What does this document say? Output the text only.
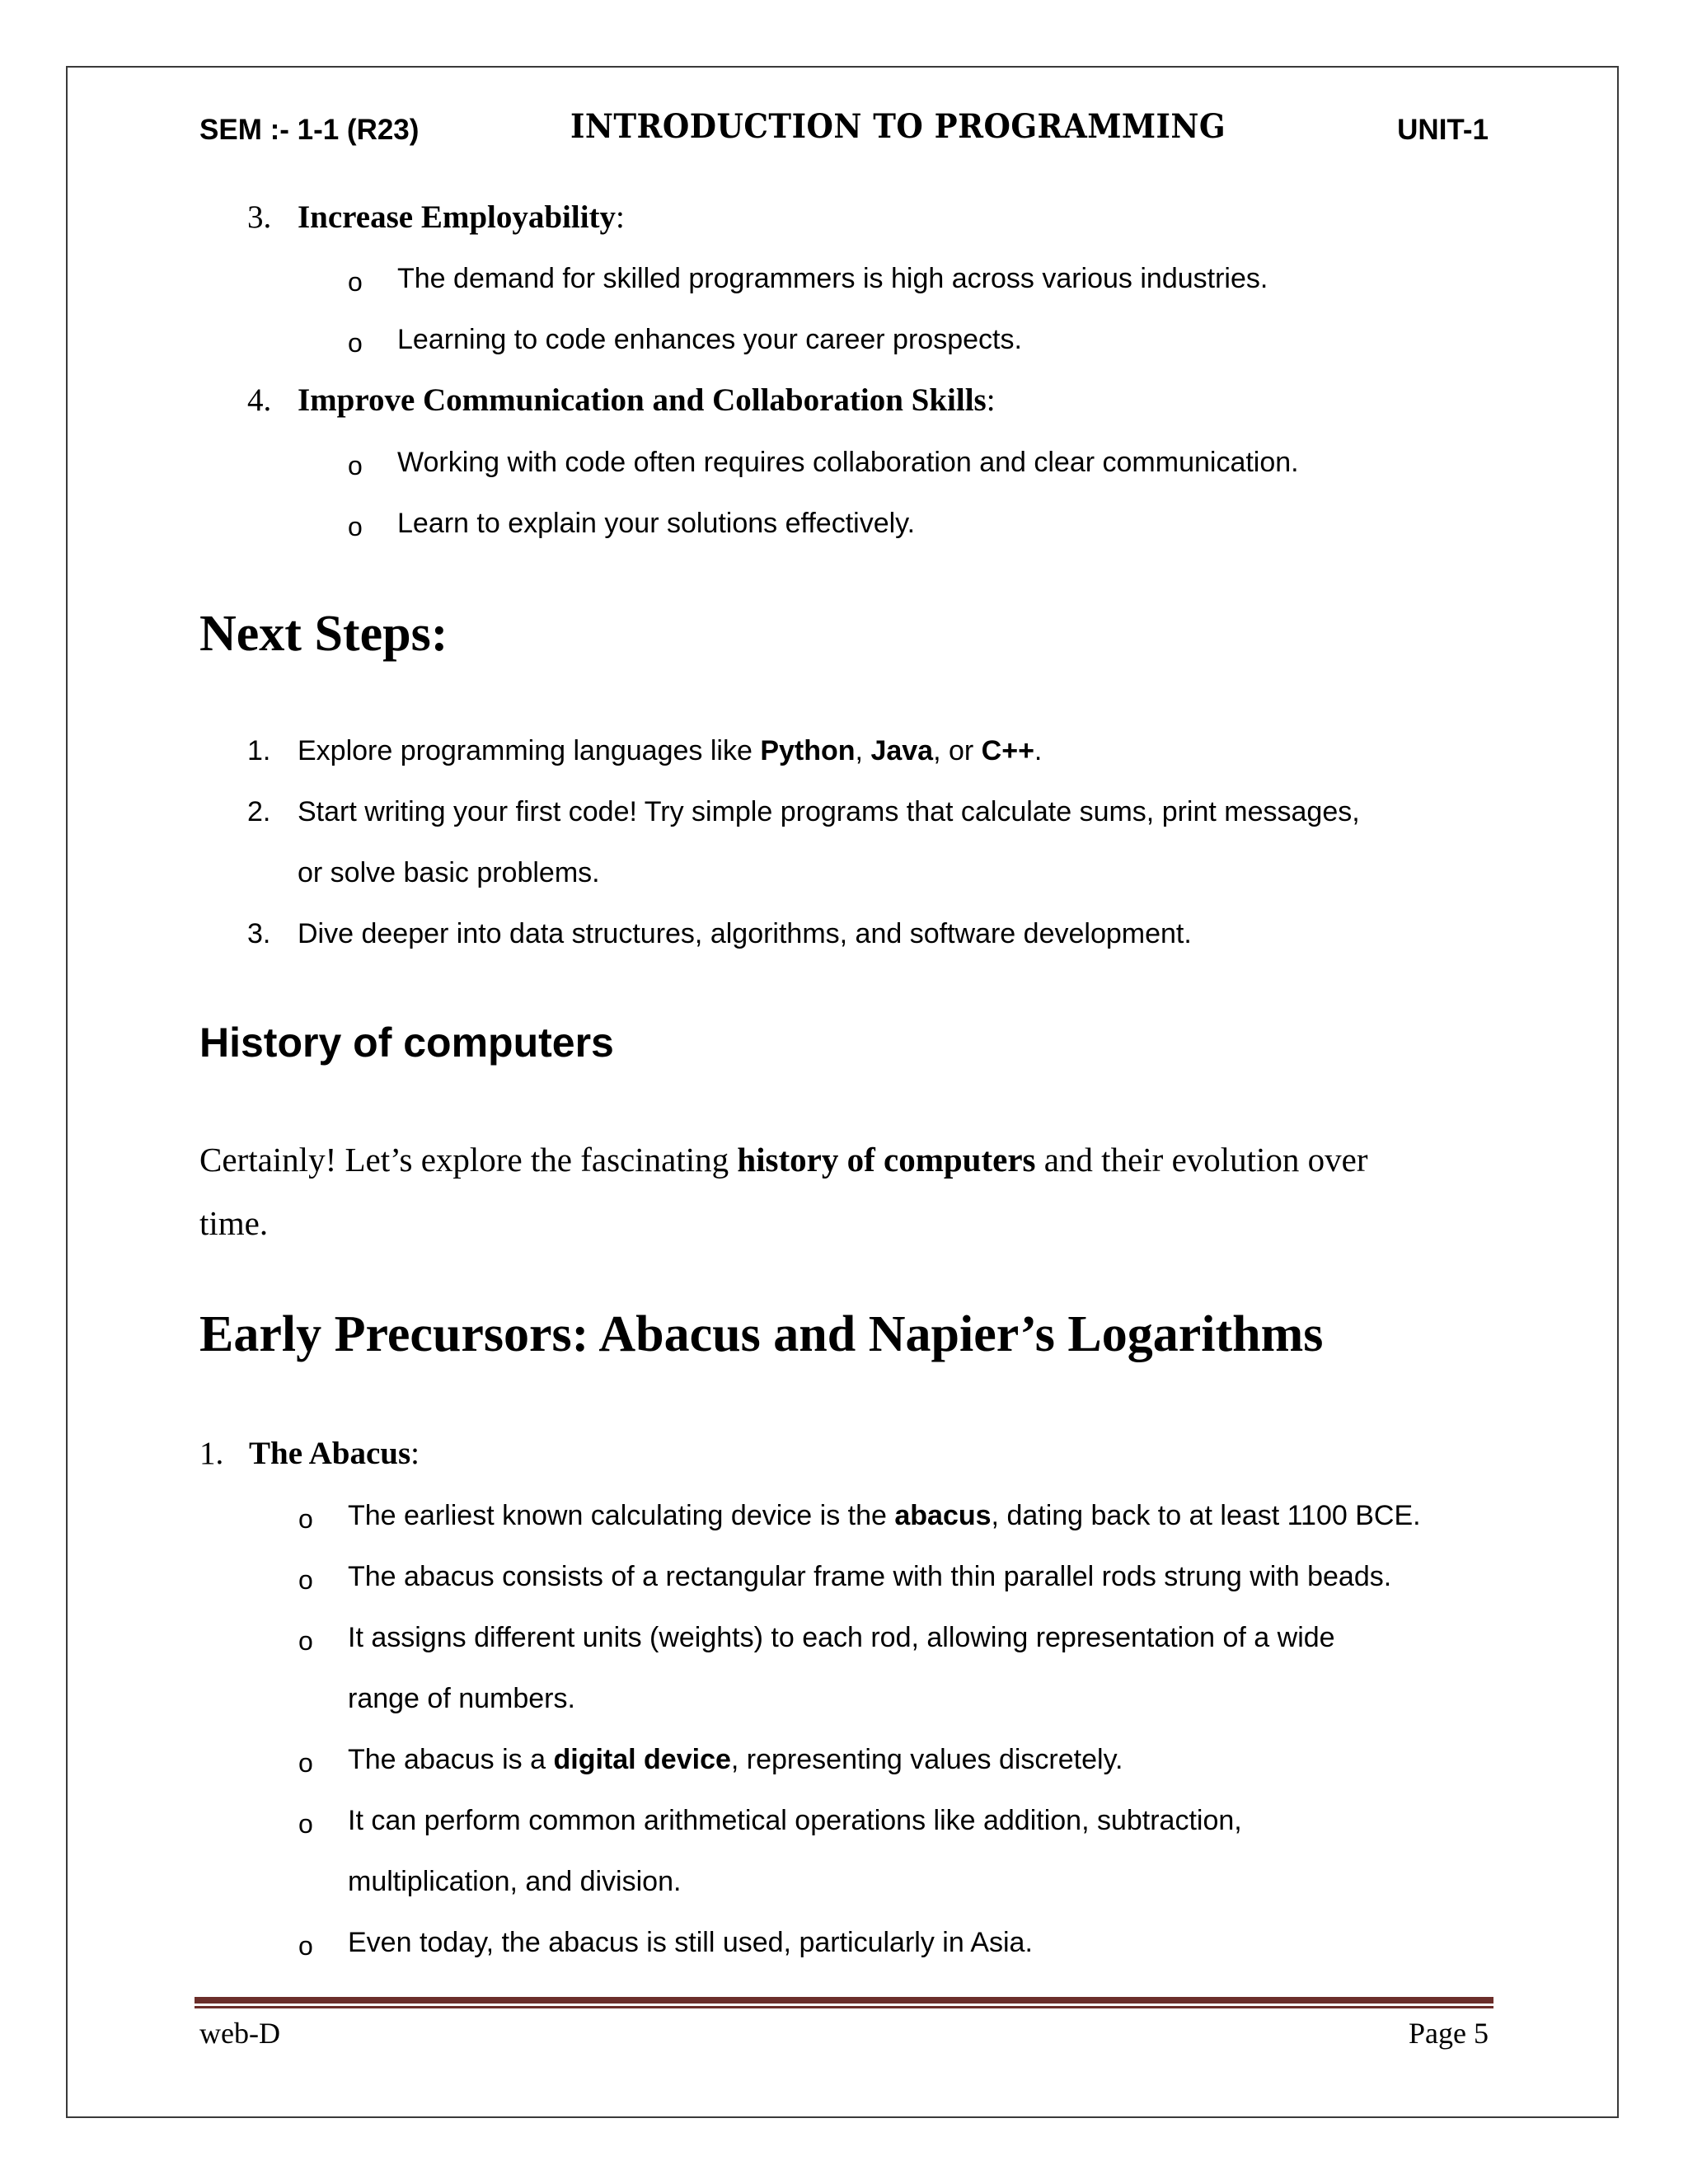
SEM :- 1-1 (R23)	INTRODUCTION TO PROGRAMMING	UNIT-1
3. Increase Employability:
o The demand for skilled programmers is high across various industries.
o Learning to code enhances your career prospects.
4. Improve Communication and Collaboration Skills:
o Working with code often requires collaboration and clear communication.
o Learn to explain your solutions effectively.
Next Steps:
1. Explore programming languages like Python, Java, or C++.
2. Start writing your first code! Try simple programs that calculate sums, print messages,
or solve basic problems.
3. Dive deeper into data structures, algorithms, and software development.
History of computers
Certainly! Let’s explore the fascinating history of computers and their evolution over
time.
Early Precursors: Abacus and Napier’s Logarithms
1. The Abacus:
o The earliest known calculating device is the abacus, dating back to at least 1100 BCE.
o The abacus consists of a rectangular frame with thin parallel rods strung with beads.
o It assigns different units (weights) to each rod, allowing representation of a wide
range of numbers.
o The abacus is a digital device, representing values discretely.
o It can perform common arithmetical operations like addition, subtraction,
multiplication, and division.
o Even today, the abacus is still used, particularly in Asia.
web-D	Page 5
